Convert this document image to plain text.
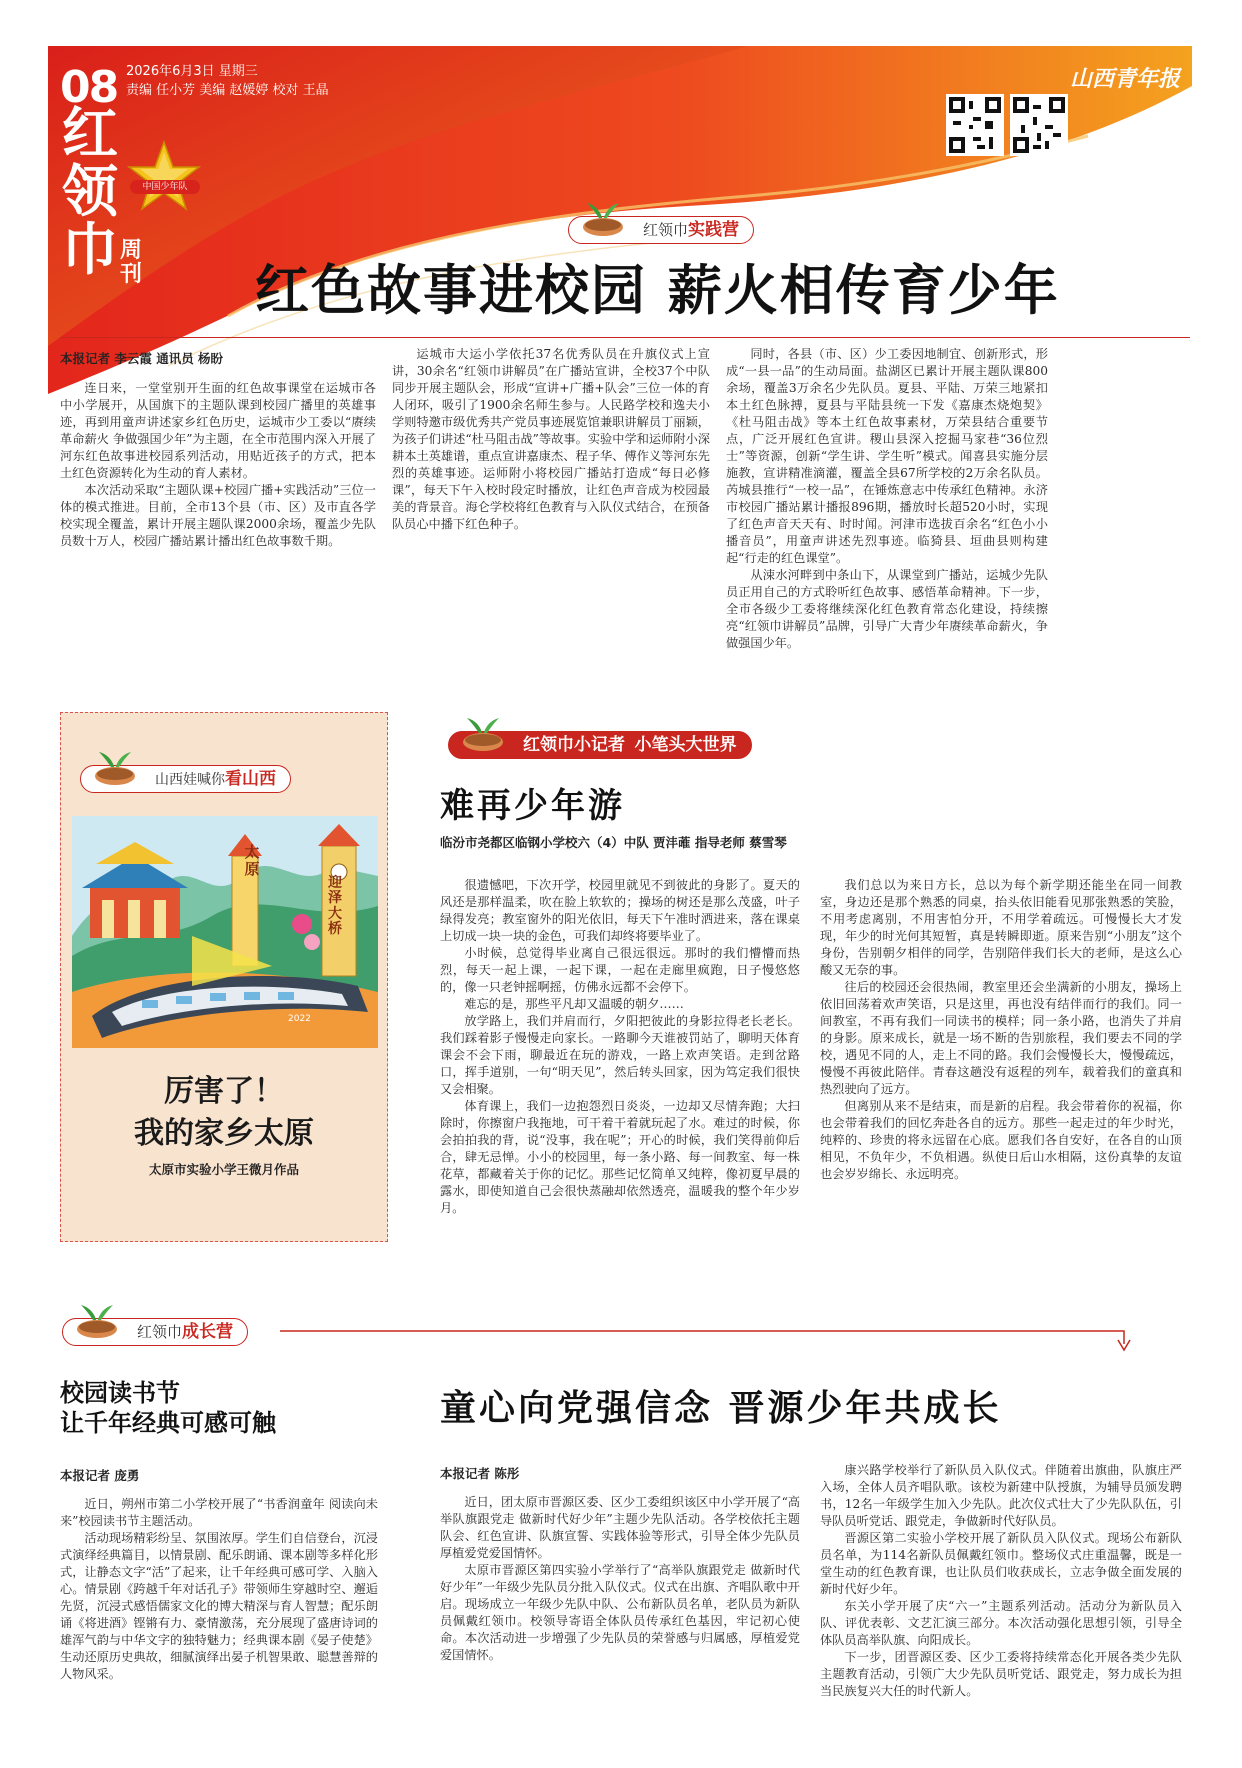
08 2026年6月3日 星期三
责编 任小芳 美编 赵媛婷 校对 王晶
红
领
巾 周刊
中国少年队
山西青年报
红领巾实践营
红色故事进校园 薪火相传育少年
本报记者 李云霞 通讯员 杨盼

连日来，一堂堂别开生面的红色故事课堂在运城市各中小学展开，从国旗下的主题队课到校园广播里的英雄事迹，再到用童声讲述家乡红色历史，运城市少工委以“赓续革命薪火 争做强国少年”为主题，在全市范围内深入开展了河东红色故事进校园系列活动，用贴近孩子的方式，把本土红色资源转化为生动的育人素材。

本次活动采取“主题队课+校园广播+实践活动”三位一体的模式推进。目前，全市13个县（市、区）及市直各学校实现全覆盖，累计开展主题队课2000余场，覆盖少先队员数十万人，校园广播站累计播出红色故事数千期。

运城市大运小学依托37名优秀队员在升旗仪式上宣讲，30余名“红领巾讲解员”在广播站宣讲，全校37个中队同步开展主题队会，形成“宣讲+广播+队会”三位一体的育人闭环，吸引了1900余名师生参与。人民路学校和逸夫小学则特邀市级优秀共产党员事迹展览馆兼职讲解员丁丽颖，为孩子们讲述“杜马阻击战”等故事。实验中学和运师附小深耕本土英雄谱，重点宣讲嘉康杰、程子华、傅作义等河东先烈的英雄事迹。运师附小将校园广播站打造成“每日必修课”，每天下午入校时段定时播放，让红色声音成为校园最美的背景音。海仑学校将红色教育与入队仪式结合，在预备队员心中播下红色种子。

同时，各县（市、区）少工委因地制宜、创新形式，形成“一县一品”的生动局面。盐湖区已累计开展主题队课800余场，覆盖3万余名少先队员。夏县、平陆、万荣三地紧扣本土红色脉搏，夏县与平陆县统一下发《嘉康杰烧炮契》《杜马阻击战》等本土红色故事素材，万荣县结合重要节点，广泛开展红色宣讲。稷山县深入挖掘马家巷“36位烈士”等资源，创新“学生讲、学生听”模式。闻喜县实施分层施教，宣讲精准滴灌，覆盖全县67所学校的2万余名队员。芮城县推行“一校一品”，在锤炼意志中传承红色精神。永济市校园广播站累计播报896期，播放时长超520小时，实现了红色声音天天有、时时闻。河津市选拔百余名“红色小小播音员”，用童声讲述先烈事迹。临猗县、垣曲县则构建起“行走的红色课堂”。

从涑水河畔到中条山下，从课堂到广播站，运城少先队员正用自己的方式聆听红色故事、感悟革命精神。下一步，全市各级少工委将继续深化红色教育常态化建设，持续擦亮“红领巾讲解员”品牌，引导广大青少年赓续革命薪火，争做强国少年。

山西娃喊你看山西
太原
迎泽大桥
2022
厉害了！
我的家乡太原
太原市实验小学王微月作品
红领巾小记者 小笔头大世界
难再少年游
临汾市尧都区临钢小学校六（4）中队 贾沣蓶 指导老师 蔡雪琴

很遗憾吧，下次开学，校园里就见不到彼此的身影了。夏天的风还是那样温柔，吹在脸上软软的；操场的树还是那么茂盛，叶子绿得发亮；教室窗外的阳光依旧，每天下午准时洒进来，落在课桌上切成一块一块的金色，可我们却终将要毕业了。

小时候，总觉得毕业离自己很远很远。那时的我们懵懵而热烈，每天一起上课，一起下课，一起在走廊里疯跑，日子慢悠悠的，像一只老钟摇啊摇，仿佛永远都不会停下。

难忘的是，那些平凡却又温暖的朝夕……

放学路上，我们并肩而行，夕阳把彼此的身影拉得老长老长。我们踩着影子慢慢走向家长。一路聊今天谁被罚站了，聊明天体育课会不会下雨，聊最近在玩的游戏，一路上欢声笑语。走到岔路口，挥手道别，一句“明天见”，然后转头回家，因为笃定我们很快又会相聚。

体育课上，我们一边抱怨烈日炎炎，一边却又尽情奔跑；大扫除时，你擦窗户我拖地，可干着干着就玩起了水。难过的时候，你会拍拍我的背，说“没事，我在呢”；开心的时候，我们笑得前仰后合，肆无忌惮。小小的校园里，每一条小路、每一间教室、每一株花草，都藏着关于你的记忆。那些记忆简单又纯粹，像初夏早晨的露水，即使知道自己会很快蒸融却依然透亮，温暖我的整个年少岁月。

我们总以为来日方长，总以为每个新学期还能坐在同一间教室，身边还是那个熟悉的同桌，抬头依旧能看见那张熟悉的笑脸，不用考虑离别，不用害怕分开，不用学着疏远。可慢慢长大才发现，年少的时光何其短暂，真是转瞬即逝。原来告别“小朋友”这个身份，告别朝夕相伴的同学，告别陪伴我们长大的老师，是这么心酸又无奈的事。

往后的校园还会很热闹，教室里还会坐满新的小朋友，操场上依旧回荡着欢声笑语，只是这里，再也没有结伴而行的我们。同一间教室，不再有我们一同读书的模样；同一条小路，也消失了并肩的身影。原来成长，就是一场不断的告别旅程，我们要去不同的学校，遇见不同的人，走上不同的路。我们会慢慢长大，慢慢疏远，慢慢不再彼此陪伴。青春这趟没有返程的列车，载着我们的童真和热烈驶向了远方。

但离别从来不是结束，而是新的启程。我会带着你的祝福，你也会带着我们的回忆奔赴各自的远方。那些一起走过的年少时光，纯粹的、珍贵的将永远留在心底。愿我们各自安好，在各自的山顶相见，不负年少，不负相遇。纵使日后山水相隔，这份真挚的友谊也会岁岁绵长、永远明亮。

红领巾成长营
校园读书节
让千年经典可感可触
本报记者 庞勇

近日，朔州市第二小学校开展了“书香润童年 阅读向未来”校园读书节主题活动。

活动现场精彩纷呈、氛围浓厚。学生们自信登台，沉浸式演绎经典篇目，以情景剧、配乐朗诵、课本剧等多样化形式，让静态文字“活”了起来，让千年经典可感可学、入脑入心。情景剧《跨越千年对话孔子》带领师生穿越时空、邂逅先贤，沉浸式感悟儒家文化的博大精深与育人智慧；配乐朗诵《将进酒》铿锵有力、豪情激荡，充分展现了盛唐诗词的雄浑气韵与中华文字的独特魅力；经典课本剧《晏子使楚》生动还原历史典故，细腻演绎出晏子机智果敢、聪慧善辩的人物风采。

童心向党强信念 晋源少年共成长
本报记者 陈彤

近日，团太原市晋源区委、区少工委组织该区中小学开展了“高举队旗跟党走 做新时代好少年”主题少先队活动。各学校依托主题队会、红色宣讲、队旗宣誓、实践体验等形式，引导全体少先队员厚植爱党爱国情怀。

太原市晋源区第四实验小学举行了“高举队旗跟党走 做新时代好少年”一年级少先队员分批入队仪式。仪式在出旗、齐唱队歌中开启。现场成立一年级少先队中队、公布新队员名单，老队员为新队员佩戴红领巾。校领导寄语全体队员传承红色基因，牢记初心使命。本次活动进一步增强了少先队员的荣誉感与归属感，厚植爱党爱国情怀。

康兴路学校举行了新队员入队仪式。伴随着出旗曲，队旗庄严入场，全体人员齐唱队歌。该校为新建中队授旗，为辅导员颁发聘书，12名一年级学生加入少先队。此次仪式壮大了少先队队伍，引导队员听党话、跟党走，争做新时代好队员。

晋源区第二实验小学校开展了新队员入队仪式。现场公布新队员名单，为114名新队员佩戴红领巾。整场仪式庄重温馨，既是一堂生动的红色教育课，也让队员们收获成长，立志争做全面发展的新时代好少年。

东关小学开展了庆“六一”主题系列活动。活动分为新队员入队、评优表彰、文艺汇演三部分。本次活动强化思想引领，引导全体队员高举队旗、向阳成长。

下一步，团晋源区委、区少工委将持续常态化开展各类少先队主题教育活动，引领广大少先队员听党话、跟党走，努力成长为担当民族复兴大任的时代新人。
